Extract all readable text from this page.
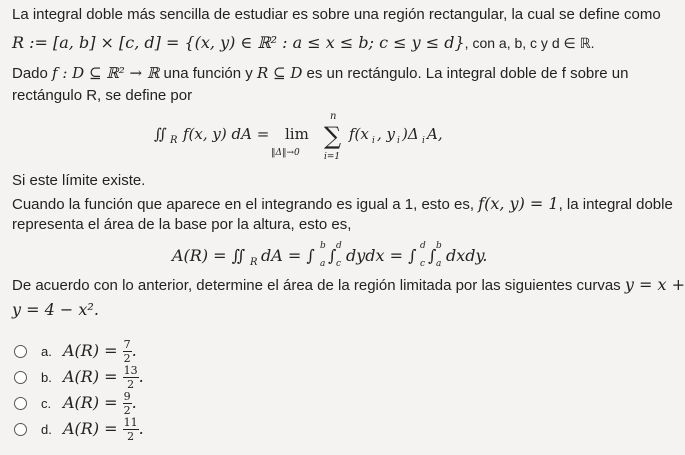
La integral doble más sencilla de estudiar es sobre una región rectangular, la cual se define como
R := [a, b] × [c, d] = {(x, y) ∈ ℝ² : a ≤ x ≤ b; c ≤ y ≤ d}, con a, b, c y d ∈ ℝ.
Dado f : D ⊆ ℝ² → ℝ una función y R ⊆ D es un rectángulo. La integral doble de f sobre un
rectángulo R, se define por
∬ R f(x, y) dA = lim
‖Δ‖→0
n
∑
i=1
f(x i , y i )Δ i A,
Si este límite existe.
Cuando la función que aparece en el integrando es igual a 1, esto es, f(x, y) = 1, la integral doble
representa el área de la base por la altura, esto es,
A(R) = ∬ R dA = ∫ a
b ∫ c
d dydx = ∫ c
d ∫ a
b dxdy.
De acuerdo con lo anterior, determine el área de la región limitada por las siguientes curvas y = x +
y = 4 − x².
a. $A(R) = \frac{7}{2}$ .
b. $A(R) = \frac{13}{2}$ .
c. $A(R) = \frac{9}{2}$ .
d. $A(R) = \frac{11}{2}$ .
